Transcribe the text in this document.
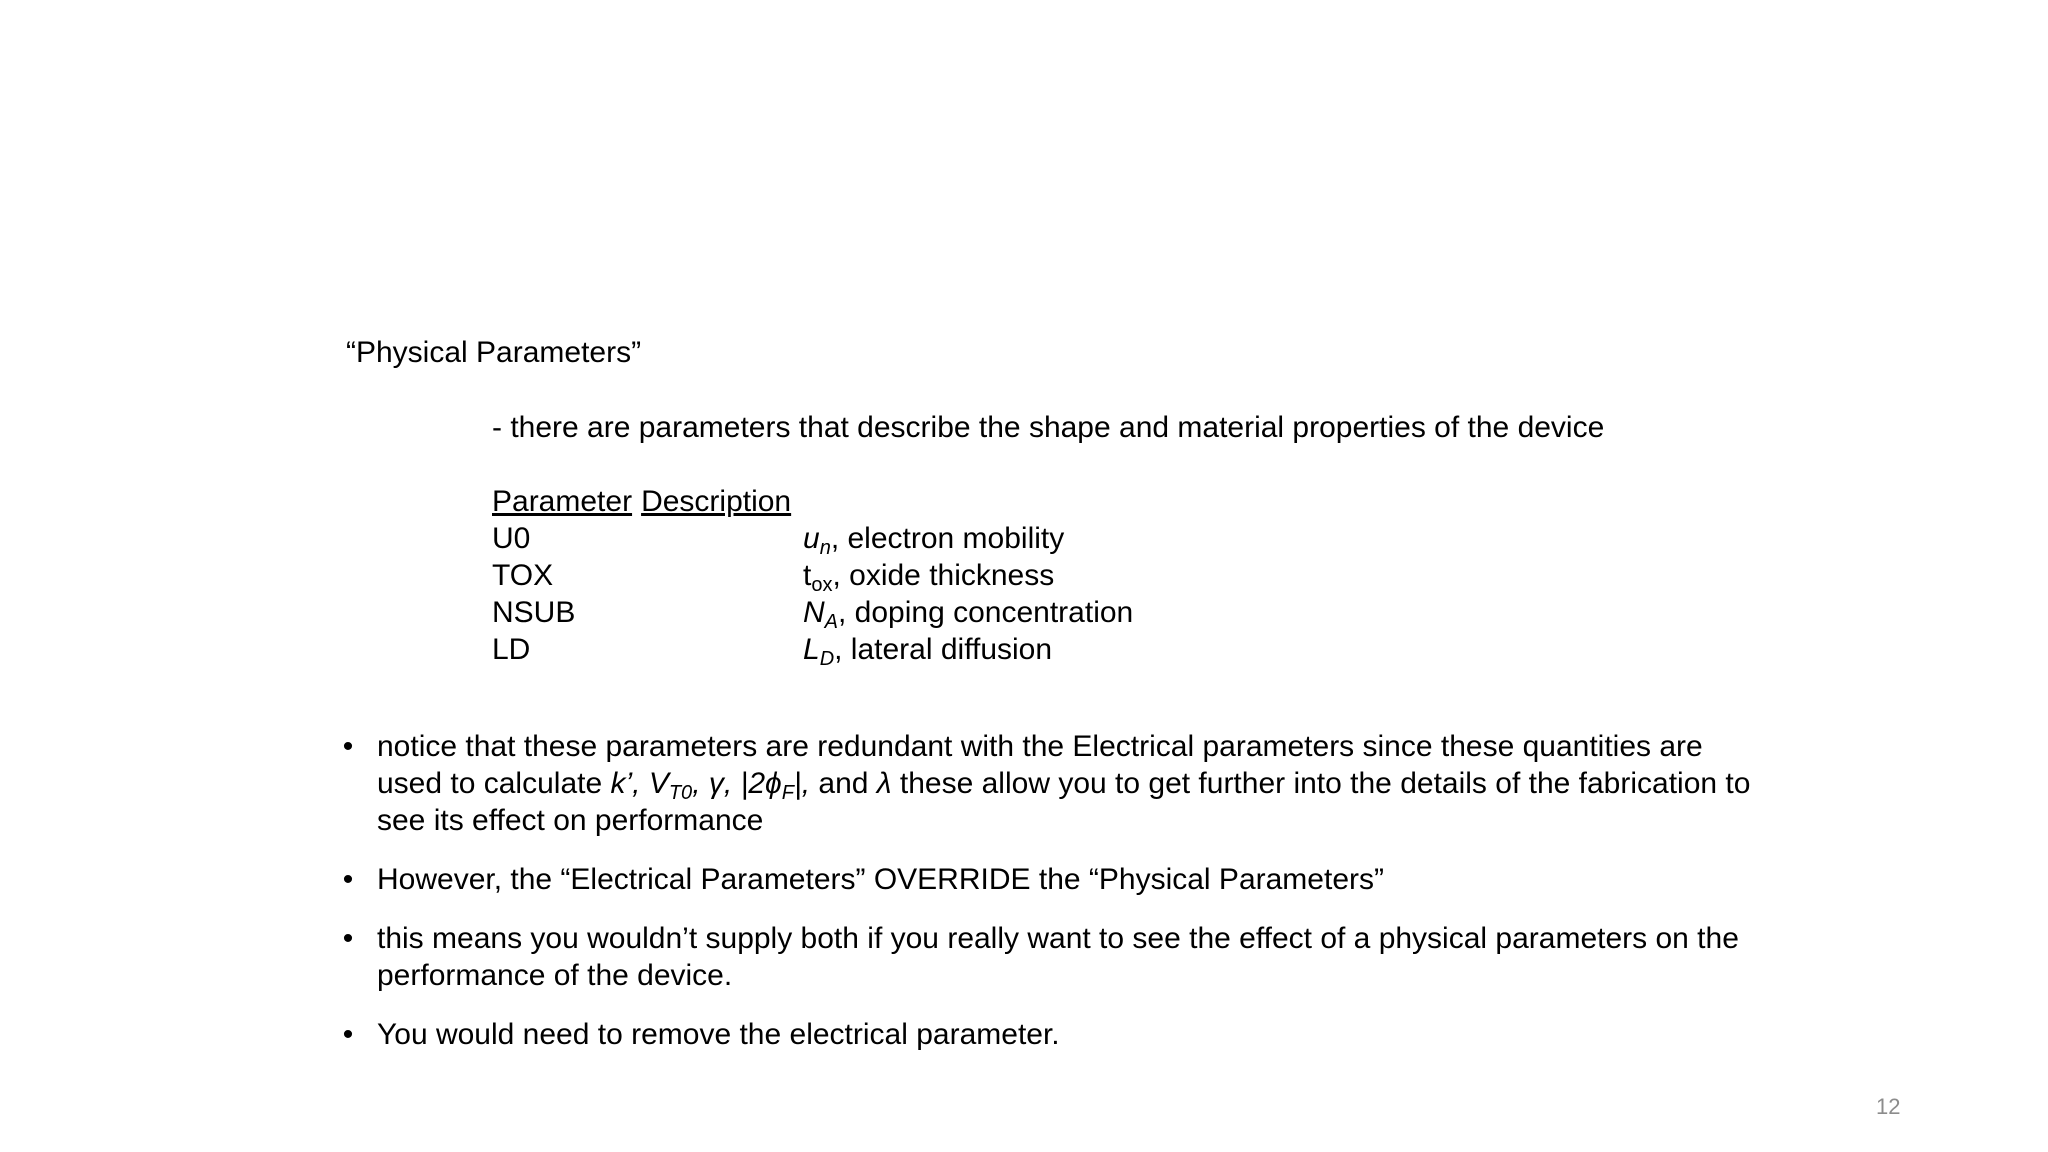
“Physical Parameters”
- there are parameters that describe the shape and material properties of the device
Parameter Description
U0	$u_n$, electron mobility
TOX	$t_{ox}$, oxide thickness
NSUB	$N_A$, doping concentration
LD	$L_D$, lateral diffusion
• notice that these parameters are redundant with the Electrical parameters since these quantities are used to calculate k’, $V_{T0}$, γ, $|2\phi_F|$, and λ these allow you to get further into the details of the fabrication to see its effect on performance
• However, the “Electrical Parameters” OVERRIDE the “Physical Parameters”
• this means you wouldn’t supply both if you really want to see the effect of a physical parameters on the performance of the device.
• You would need to remove the electrical parameter.
12
